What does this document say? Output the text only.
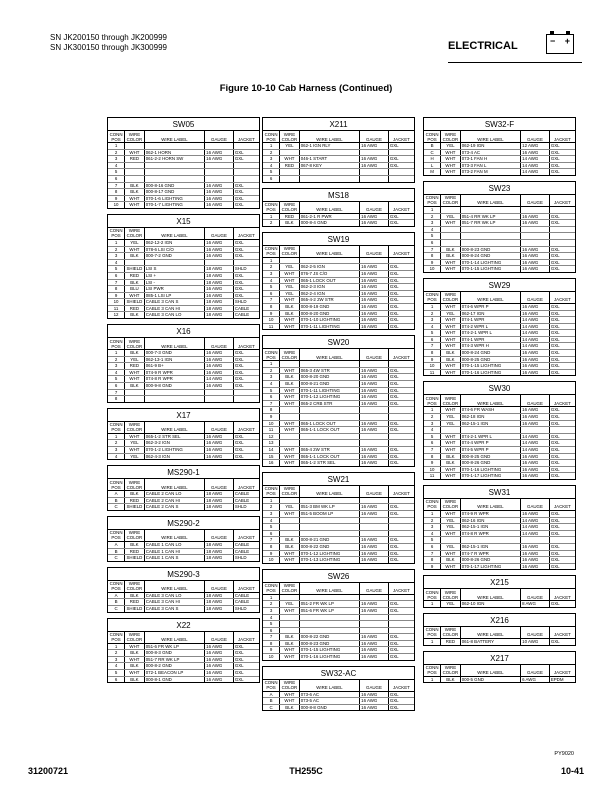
SN JK200150 through JK200999
SN JK300150 through JK300999	ELECTRICAL	− +
Figure 10-10 Cab Harness (Continued)
SW05
CONN POS	WIRE COLOR	WIRE LABEL	GAUGE	JACKET
1				
2	WHT	062-1 HORN	16 AWG	GXL
3	RED	061-2-2 HORN SW	16 AWG	GXL
4				
5				
6				
7	BLK	000-8-16 GND	16 AWG	GXL
8	BLK	000-8-17 GND	16 AWG	GXL
9	WHT	070-1-6 LIGHTING	16 AWG	GXL
10	WHT	070-1-7 LIGHTING	16 AWG	GXL
X15
CONN POS	WIRE COLOR	WIRE LABEL	GAUGE	JACKET
1	YEL	062-12-2 IGN	16 AWG	GXL
2	WHT	078-6 LSI C/O	16 AWG	GXL
3	BLK	000-7-2 GND	16 AWG	GXL
4				
5	SHIELD	LSI S	18 AWG	SHLD
6	RED	LSI +	18 AWG	GXL
7	BLK	LSI -	18 AWG	GXL
8	BLU	LSI PWR	16 AWG	GXL
9	WHT	085-1 LSI LP	16 AWG	GXL
10	SHIELD	CABLE 3 CAN S	18 AWG	SHLD
11	RED	CABLE 3 CAN HI	18 AWG	CABLE
12	BLK	CABLE 3 CAN LO	18 AWG	CABLE
X16
CONN POS	WIRE COLOR	WIRE LABEL	GAUGE	JACKET
1	BLK	000-7-3 GND	16 AWG	GXL
2	YEL	062-13-1 IGN	16 AWG	GXL
3	RED	061-9 B+	16 AWG	GXL
4	WHT	074-9 R WPR	16 AWG	GXL
5	WHT	074-8 R WPR	14 AWG	GXL
6	BLK	000-9-8 GND	16 AWG	GXL
7				
8				
X17
CONN POS	WIRE COLOR	WIRE LABEL	GAUGE	JACKET
1	WHT	065-1-2 STR SEL	16 AWG	GXL
2	YEL	062-3-2 IGN	16 AWG	GXL
3	WHT	070-1-2 LIGHTING	16 AWG	GXL
4	YEL	062-4-3 IGN	16 AWG	GXL
MS290-1
CONN POS	WIRE COLOR	WIRE LABEL	GAUGE	JACKET
A	BLK	CABLE 2 CAN LO	18 AWG	CABLE
B	RED	CABLE 2 CAN HI	18 AWG	CABLE
C	SHIELD	CABLE 2 CAN S	18 AWG	SHLD
MS290-2
CONN POS	WIRE COLOR	WIRE LABEL	GAUGE	JACKET
A	BLK	CABLE 1 CAN LO	18 AWG	CABLE
B	RED	CABLE 1 CAN HI	18 AWG	CABLE
C	SHIELD	CABLE 1 CAN S	18 AWG	SHLD
MS290-3
CONN POS	WIRE COLOR	WIRE LABEL	GAUGE	JACKET
A	BLK	CABLE 3 CAN LO	18 AWG	CABLE
B	RED	CABLE 3 CAN HI	18 AWG	CABLE
C	SHIELD	CABLE 3 CAN S	18 AWG	SHLD
X22
CONN POS	WIRE COLOR	WIRE LABEL	GAUGE	JACKET
1	WHT	051-6 FR WK LP	16 AWG	GXL
2	BLK	000-8-3 GND	16 AWG	GXL
3	WHT	051-7 RR WK LP	16 AWG	GXL
4	BLK	000-8-2 GND	16 AWG	GXL
5	WHT	072-1 BEACON LP	16 AWG	GXL
6	BLK	000-8-1 GND	16 AWG	GXL
X211
CONN POS	WIRE COLOR	WIRE LABEL	GAUGE	JACKET
1	YEL	062-1 IGN RLY	16 AWG	GXL
2				
3	WHT	046-1 START	16 AWG	GXL
4	RED	067-8 KEY	16 AWG	GXL
5				
6				
MS18
CONN POS	WIRE COLOR	WIRE LABEL	GAUGE	JACKET
1	RED	061-2-1 R PWR	16 AWG	GXL
2	BLK	000-8-4 GND	16 AWG	GXL
SW19
CONN POS	WIRE COLOR	WIRE LABEL	GAUGE	JACKET
1				
2	YEL	062-2-5 IGN	16 AWG	GXL
3	WHT	076-7 JS C/O	16 AWG	GXL
4	WHT	065-1 LOCK OUT	16 AWG	GXL
5	YEL	062-2-3 IGN	16 AWG	GXL
6	YEL	062-2-4 IGN	16 AWG	GXL
7	WHT	065-4-2 2W STR	16 AWG	GXL
8	BLK	000-8-19 GND	16 AWG	GXL
9	BLK	000-8-20 GND	16 AWG	GXL
10	WHT	070-1-10 LIGHTING	16 AWG	GXL
11	WHT	070-1-11 LIGHTING	16 AWG	GXL
SW20
CONN POS	WIRE COLOR	WIRE LABEL	GAUGE	JACKET
1				
2	WHT	065-3 4W STR	16 AWG	GXL
3	BLK	000-8-20 GND	16 AWG	GXL
4	BLK	000-8-21 GND	16 AWG	GXL
5	WHT	070-1-11 LIGHTING	16 AWG	GXL
6	WHT	070-1-12 LIGHTING	16 AWG	GXL
7	WHT	065-2 CRB STR	16 AWG	GXL
8				
9				
10	WHT	065-1 LOCK OUT	16 AWG	GXL
11	WHT	065-1-1 LOCK OUT	16 AWG	GXL
12				
13				
14	WHT	065-4 2W STR	16 AWG	GXL
15	WHT	065-1-1 LOCK OUT	16 AWG	GXL
16	WHT	065-1-2 STR SEL	16 AWG	GXL
SW21
CONN POS	WIRE COLOR	WIRE LABEL	GAUGE	JACKET
1				
2	YEL	051-3 BM WK LP	16 AWG	GXL
3	WHT	051-5 BOOM LP	16 AWG	GXL
4				
5				
6				
7	BLK	000-8-21 GND	16 AWG	GXL
8	BLK	000-8-22 GND	16 AWG	GXL
9	WHT	070-1-12 LIGHTING	16 AWG	GXL
10	WHT	070-1-13 LIGHTING	16 AWG	GXL
SW26
CONN POS	WIRE COLOR	WIRE LABEL	GAUGE	JACKET
1				
2	YEL	051-2 FR WK LP	16 AWG	GXL
3	WHT	051-6 FR WK LP	16 AWG	GXL
4				
5				
6				
7	BLK	000-8-22 GND	16 AWG	GXL
8	BLK	000-8-23 GND	16 AWG	GXL
9	WHT	070-1-15 LIGHTING	16 AWG	GXL
10	WHT	070-1-16 LIGHTING	16 AWG	GXL
SW32-AC
CONN POS	WIRE COLOR	WIRE LABEL	GAUGE	JACKET
A	WHT	073-6 AC	16 AWG	GXL
B	WHT	073-5 AC	16 AWG	GXL
C	BLK	000-8-8 GND	16 AWG	GXL
SW32-F
CONN POS	WIRE COLOR	WIRE LABEL	GAUGE	JACKET
B	YEL	062-19 IGN	12 AWG	GXL
C	WHT	073-4 AC	16 AWG	GXL
H	WHT	073-1 FAN H	14 AWG	GXL
L	WHT	073-3 FAN L	14 AWG	GXL
M	WHT	073-2 FAN M	14 AWG	GXL
SW23
CONN POS	WIRE COLOR	WIRE LABEL	GAUGE	JACKET
1				
2	YEL	051-4 RR WK LP	16 AWG	GXL
3	WHT	051-7 RR WK LP	16 AWG	GXL
4				
5				
6				
7	BLK	000-8-23 GND	16 AWG	GXL
8	BLK	000-8-24 GND	16 AWG	GXL
9	WHT	070-1-14 LIGHTING	16 AWG	GXL
10	WHT	070-1-15 LIGHTING	16 AWG	GXL
SW29
CONN POS	WIRE COLOR	WIRE LABEL	GAUGE	JACKET
1	WHT	074-6 WPR P	16 AWG	GXL
2	YEL	062-17 IGN	16 AWG	GXL
3	WHT	074-1 WPR	14 AWG	GXL
4	WHT	074-2 WPR L	14 AWG	GXL
5	WHT	074-2-1 WPR L	14 AWG	GXL
6	WHT	074-1 WPR	14 AWG	GXL
7	WHT	074-3 WPR H	14 AWG	GXL
8	BLK	000-8-24 GND	16 AWG	GXL
9	BLK	000-8-25 GND	16 AWG	GXL
10	WHT	070-1-15 LIGHTING	16 AWG	GXL
11	WHT	070-1-16 LIGHTING	16 AWG	GXL
SW30
CONN POS	WIRE COLOR	WIRE LABEL	GAUGE	JACKET
1	WHT	074-6 FR WASH	16 AWG	GXL
2	YEL	062-18 IGN	16 AWG	GXL
3	YEL	062-15-1 IGN	16 AWG	GXL
4				
5	WHT	074-2-1 WPR L	14 AWG	GXL
6	WHT	074-4 WPR P	14 AWG	GXL
7	WHT	074-5 WPR P	14 AWG	GXL
8	BLK	000-8-25 GND	16 AWG	GXL
9	BLK	000-8-26 GND	16 AWG	GXL
10	WHT	070-1-16 LIGHTING	16 AWG	GXL
11	WHT	070-1-17 LIGHTING	16 AWG	GXL
SW31
CONN POS	WIRE COLOR	WIRE LABEL	GAUGE	JACKET
1	WHT	074-9 R WPR	16 AWG	GXL
2	YEL	062-16 IGN	14 AWG	GXL
3	YEL	062-15-1 IGN	14 AWG	GXL
4	WHT	074-8 R WPR	14 AWG	GXL
5				
6	YEL	062-15-1 IGN	16 AWG	GXL
7	WHT	074-7 R WPR	16 AWG	GXL
8	BLK	000-8-26 GND	16 AWG	GXL
9	WHT	070-1-17 LIGHTING	16 AWG	GXL
X215
CONN POS	WIRE COLOR	WIRE LABEL	GAUGE	JACKET
1	YEL	062-10 IGN	8 AWG	GXL
X216
CONN POS	WIRE COLOR	WIRE LABEL	GAUGE	JACKET
1	RED	061-8 BATTERY	10 AWG	GXL
X217
CONN POS	WIRE COLOR	WIRE LABEL	GAUGE	JACKET
1	BLK	000-5 GND	6 AWG	EPDM
PY9020
31200721	TH255C	10-41
